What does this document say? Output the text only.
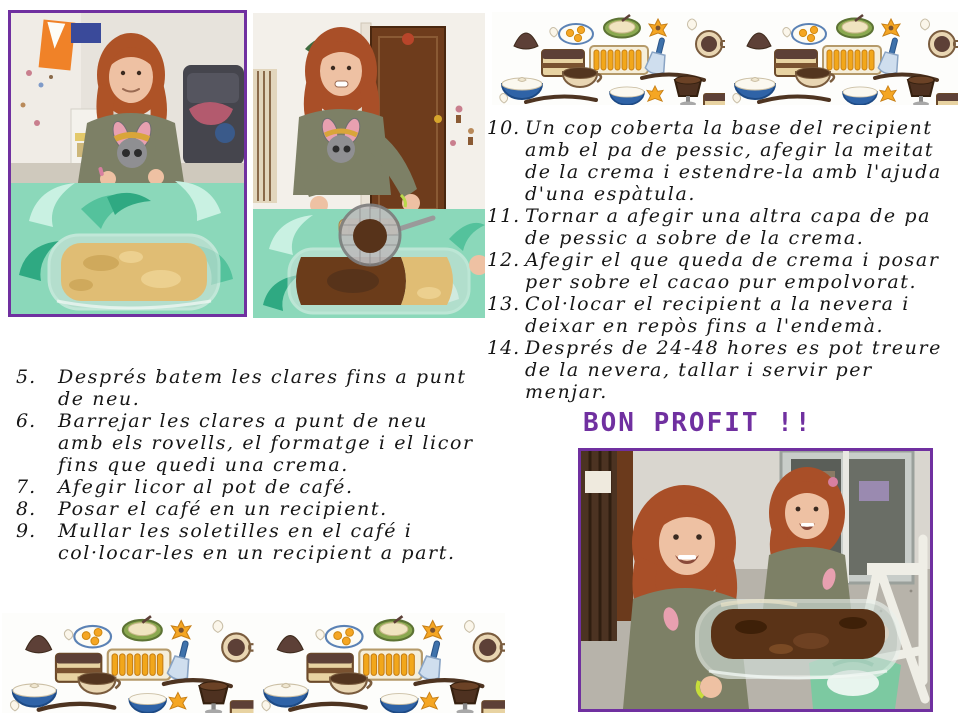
10. Un cop coberta la base del recipient amb el pa de pessic, afegir la meitat de la crema i estendre-la amb l'ajuda d'una espàtula.
11. Tornar a afegir una altra capa de pa de pessic a sobre de la crema.
12. Afegir el que queda de crema i posar per sobre el cacao pur empolvorat.
13. Col·locar el recipient a la nevera i deixar en repòs fins a l'endemà.
14. Després de 24-48 hores es pot treure de la nevera, tallar i servir per menjar.
5.	Després batem les clares fins a punt de neu.
6.	Barrejar les clares a punt de neu amb els rovells, el formatge i el licor fins que quedi una crema.
7.	Afegir licor al pot de café.
8.	Posar el café en un recipient.
9.	Mullar les soletilles en el café i col·locar-les en un recipient a part.
BON PROFIT !!
